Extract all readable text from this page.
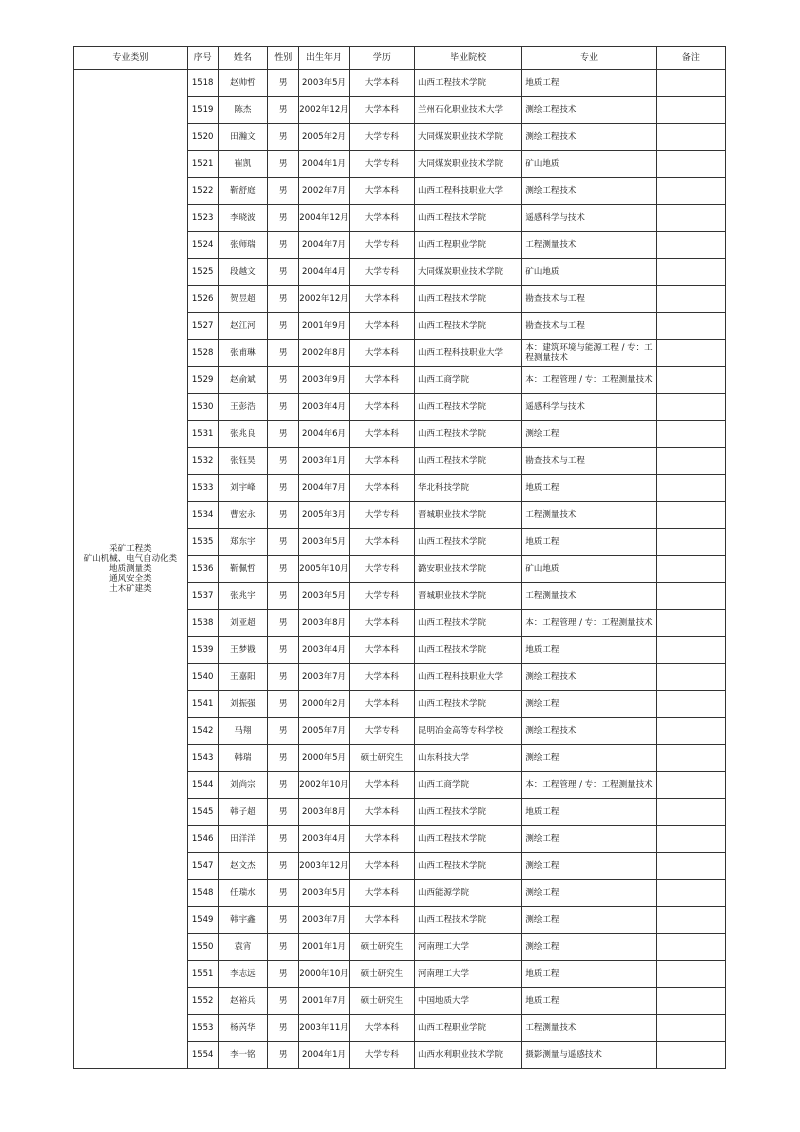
专业类别	序号	姓名	性别	出生年月	学历	毕业院校	专业	备注

采矿工程类
矿山机械、电气自动化类
地质测量类
通风安全类
土木矿建类	1518	赵帅哲	男	2003年5月	大学本科	山西工程技术学院	地质工程	
	1519	陈杰	男	2002年12月	大学本科	兰州石化职业技术大学	测绘工程技术	
	1520	田瀚文	男	2005年2月	大学专科	大同煤炭职业技术学院	测绘工程技术	
	1521	崔凯	男	2004年1月	大学专科	大同煤炭职业技术学院	矿山地质	
	1522	靳舒庭	男	2002年7月	大学本科	山西工程科技职业大学	测绘工程技术	
	1523	李晓波	男	2004年12月	大学本科	山西工程技术学院	遥感科学与技术	
	1524	张师瑞	男	2004年7月	大学专科	山西工程职业学院	工程测量技术	
	1525	段越文	男	2004年4月	大学专科	大同煤炭职业技术学院	矿山地质	
	1526	贺昱超	男	2002年12月	大学本科	山西工程技术学院	勘查技术与工程	
	1527	赵江河	男	2001年9月	大学本科	山西工程技术学院	勘查技术与工程	
	1528	张甫琳	男	2002年8月	大学本科	山西工程科技职业大学	本：建筑环境与能源工程 / 专：工程测量技术	
	1529	赵俞斌	男	2003年9月	大学本科	山西工商学院	本：工程管理 / 专：工程测量技术	
	1530	王彭浩	男	2003年4月	大学本科	山西工程技术学院	遥感科学与技术	
	1531	张兆良	男	2004年6月	大学本科	山西工程技术学院	测绘工程	
	1532	张钰昊	男	2003年1月	大学本科	山西工程技术学院	勘查技术与工程	
	1533	刘宇峰	男	2004年7月	大学本科	华北科技学院	地质工程	
	1534	曹宏永	男	2005年3月	大学专科	晋城职业技术学院	工程测量技术	
	1535	郑东宇	男	2003年5月	大学本科	山西工程技术学院	地质工程	
	1536	靳佩哲	男	2005年10月	大学专科	潞安职业技术学院	矿山地质	
	1537	张兆宇	男	2003年5月	大学专科	晋城职业技术学院	工程测量技术	
	1538	刘亚超	男	2003年8月	大学本科	山西工程技术学院	本：工程管理 / 专：工程测量技术	
	1539	王梦戡	男	2003年4月	大学本科	山西工程技术学院	地质工程	
	1540	王嘉阳	男	2003年7月	大学本科	山西工程科技职业大学	测绘工程技术	
	1541	刘振强	男	2000年2月	大学本科	山西工程技术学院	测绘工程	
	1542	马翔	男	2005年7月	大学专科	昆明冶金高等专科学校	测绘工程技术	
	1543	韩瑞	男	2000年5月	硕士研究生	山东科技大学	测绘工程	
	1544	刘尚宗	男	2002年10月	大学本科	山西工商学院	本：工程管理 / 专：工程测量技术	
	1545	韩子超	男	2003年8月	大学本科	山西工程技术学院	地质工程	
	1546	田洋洋	男	2003年4月	大学本科	山西工程技术学院	测绘工程	
	1547	赵文杰	男	2003年12月	大学本科	山西工程技术学院	测绘工程	
	1548	任瑞水	男	2003年5月	大学本科	山西能源学院	测绘工程	
	1549	韩宇鑫	男	2003年7月	大学本科	山西工程技术学院	测绘工程	
	1550	袁宵	男	2001年1月	硕士研究生	河南理工大学	测绘工程	
	1551	李志远	男	2000年10月	硕士研究生	河南理工大学	地质工程	
	1552	赵裕兵	男	2001年7月	硕士研究生	中国地质大学	地质工程	
	1553	杨芮华	男	2003年11月	大学本科	山西工程职业学院	工程测量技术	
	1554	李一铭	男	2004年1月	大学专科	山西水利职业技术学院	摄影测量与遥感技术	
